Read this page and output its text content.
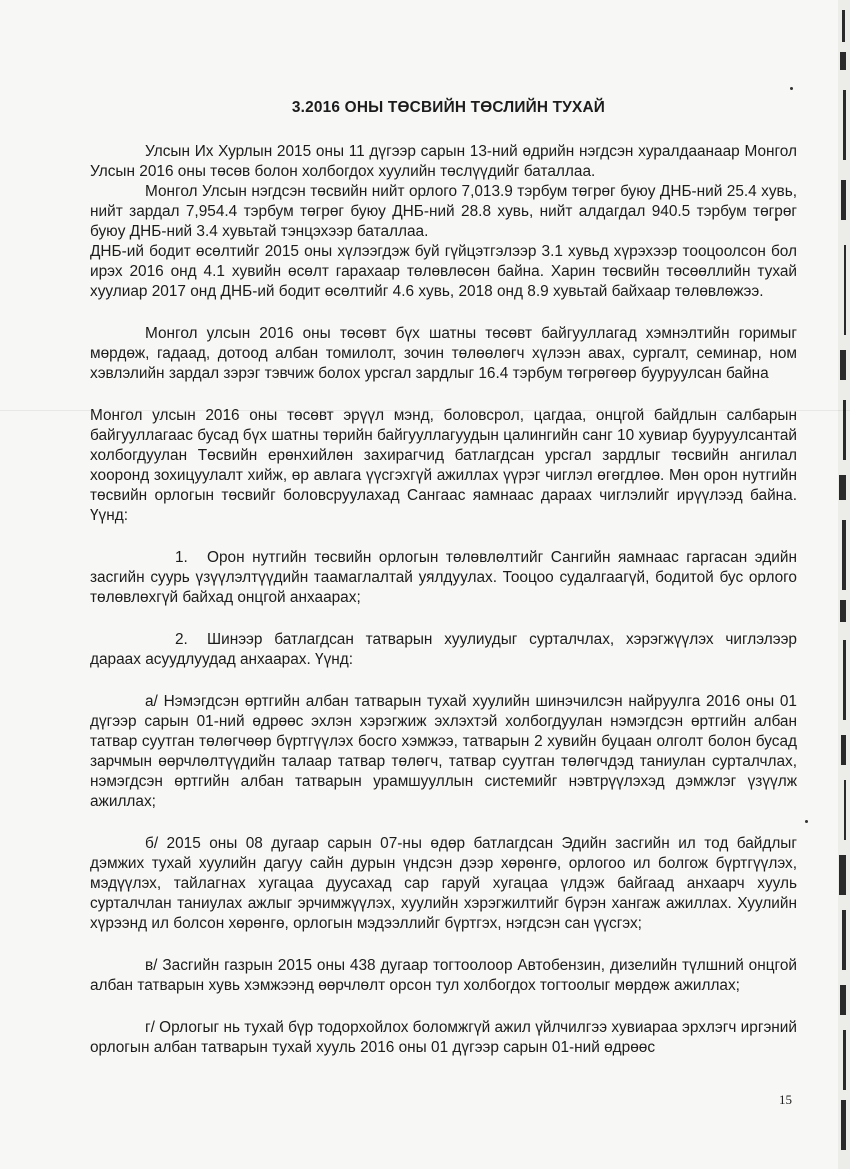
3.2016 ОНЫ ТӨСВИЙН ТӨСЛИЙН ТУХАЙ

Улсын Их Хурлын 2015 оны 11 дүгээр сарын 13-ний өдрийн нэгдсэн хуралдаанаар Монгол Улсын 2016 оны төсөв болон холбогдох хуулийн төслүүдийг баталлаа.

Монгол Улсын нэгдсэн төсвийн нийт орлого 7,013.9 тэрбум төгрөг буюу ДНБ-ний 25.4 хувь, нийт зардал 7,954.4 тэрбум төгрөг буюу ДНБ-ний 28.8 хувь, нийт алдагдал 940.5 тэрбум төгрөг буюу ДНБ-ний 3.4 хувьтай тэнцэхээр баталлаа.

ДНБ-ий бодит өсөлтийг 2015 оны хүлээгдэж буй гүйцэтгэлээр 3.1 хувьд хүрэхээр тооцоолсон бол ирэх 2016 онд 4.1 хувийн өсөлт гарахаар төлөвлөсөн байна. Харин төсвийн төсөөллийн тухай хуулиар 2017 онд ДНБ-ий бодит өсөлтийг 4.6 хувь, 2018 онд 8.9 хувьтай байхаар төлөвлөжээ.

Монгол улсын 2016 оны төсөвт бүх шатны төсөвт байгууллагад хэмнэлтийн горимыг мөрдөж, гадаад, дотоод албан томилолт, зочин төлөөлөгч хүлээн авах, сургалт, семинар, ном хэвлэлийн зардал зэрэг тэвчиж болох урсгал зардлыг 16.4 тэрбум төгрөгөөр бууруулсан байна

Монгол улсын 2016 оны төсөвт эрүүл мэнд, боловсрол, цагдаа, онцгой байдлын салбарын байгууллагаас бусад бүх шатны төрийн байгууллагуудын цалингийн санг 10 хувиар бууруулсантай холбогдуулан Төсвийн ерөнхийлөн захирагчид батлагдсан урсгал зардлыг төсвийн ангилал хооронд зохицуулалт хийж, өр авлага үүсгэхгүй ажиллах үүрэг чиглэл өгөгдлөө. Мөн орон нутгийн төсвийн орлогын төсвийг боловсруулахад Сангаас яамнаас дараах чиглэлийг ирүүлээд байна. Үүнд:

1. Орон нутгийн төсвийн орлогын төлөвлөлтийг Сангийн яамнаас гаргасан эдийн засгийн суурь үзүүлэлтүүдийн таамаглалтай уялдуулах. Тооцоо судалгаагүй, бодитой бус орлого төлөвлөхгүй байхад онцгой анхаарах;

2. Шинээр батлагдсан татварын хуулиудыг сурталчлах, хэрэгжүүлэх чиглэлээр дараах асуудлуудад анхаарах. Үүнд:

а/ Нэмэгдсэн өртгийн албан татварын тухай хуулийн шинэчилсэн найруулга 2016 оны 01 дүгээр сарын 01-ний өдрөөс эхлэн хэрэгжиж эхлэхтэй холбогдуулан нэмэгдсэн өртгийн албан татвар суутган төлөгчөөр бүртгүүлэх босго хэмжээ, татварын 2 хувийн буцаан олголт болон бусад зарчмын өөрчлөлтүүдийн талаар татвар төлөгч, татвар суутган төлөгчдэд таниулан сурталчлах, нэмэгдсэн өртгийн албан татварын урамшууллын системийг нэвтрүүлэхэд дэмжлэг үзүүлж ажиллах;

б/ 2015 оны 08 дугаар сарын 07-ны өдөр батлагдсан Эдийн засгийн ил тод байдлыг дэмжих тухай хуулийн дагуу сайн дурын үндсэн дээр хөрөнгө, орлогоо ил болгож бүртгүүлэх, мэдүүлэх, тайлагнах хугацаа дуусахад сар гаруй хугацаа үлдэж байгаад анхаарч хууль сурталчлан таниулах ажлыг эрчимжүүлэх, хуулийн хэрэгжилтийг бүрэн хангаж ажиллах. Хуулийн хүрээнд ил болсон хөрөнгө, орлогын мэдээллийг бүртгэх, нэгдсэн сан үүсгэх;

в/ Засгийн газрын 2015 оны 438 дугаар тогтоолоор Автобензин, дизелийн түлшний онцгой албан татварын хувь хэмжээнд өөрчлөлт орсон тул холбогдох тогтоолыг мөрдөж ажиллах;

г/ Орлогыг нь тухай бүр тодорхойлох боломжгүй ажил үйлчилгээ хувиараа эрхлэгч иргэний орлогын албан татварын тухай хууль 2016 оны 01 дүгээр сарын 01-ний өдрөөс

15
